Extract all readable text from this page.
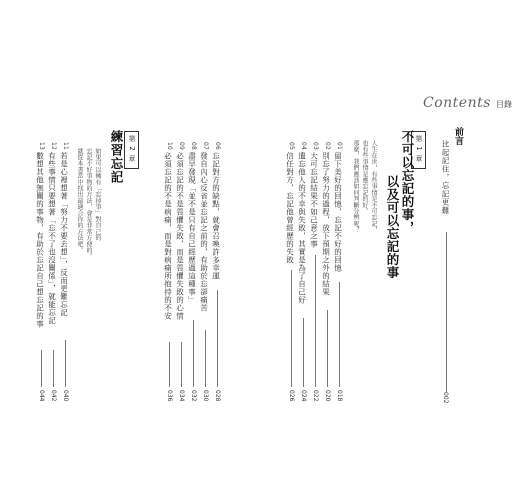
Contents 目錄
前言
比起記住，忘記更難
002
第 1 章
不可以忘記的事，
以及可以忘記的事
人生在世，有些事情是不可忘記，
也有些事情是應忘記的好。
那麼，我們應該如何判斷分辨呢？
01
留下美好的回憶，忘記不好的回憶
018
02
別忘了努力的過程，放下預期之外的結果
020
03
大可忘記結果不如己意之事
022
04
遺忘他人的不幸與失敗，其實是為了自己好
024
05
信任對方，忘記他曾經歷的失敗
026
06
忘記對方的缺點，就會召喚許多幸運
028
07
發自內心反省並忘記之前的，有助於忘卻痛苦
030
08
盡早發現「並不是只有自己經歷過這種事」
032
09
必須忘記的不是畏懼失敗，而是畏懼失敗的心情
034
10
必須忘記的不是病痛，而是對病痛所抱持的不安
036
第 2 章
練習忘記
如果可以擁有「忘掉事」對自己的
忘記不好事物的方法，會是非常方便的。
就從本書當中找出最適合你的方法吧。
11
若是心裡想著「努力不要去想」，反而更難忘記
040
12
有些事情只要想著「忘不了也沒關係」，就能忘記
042
13
數想其他無關的事物，有助於忘記自己想忘記的事
044
